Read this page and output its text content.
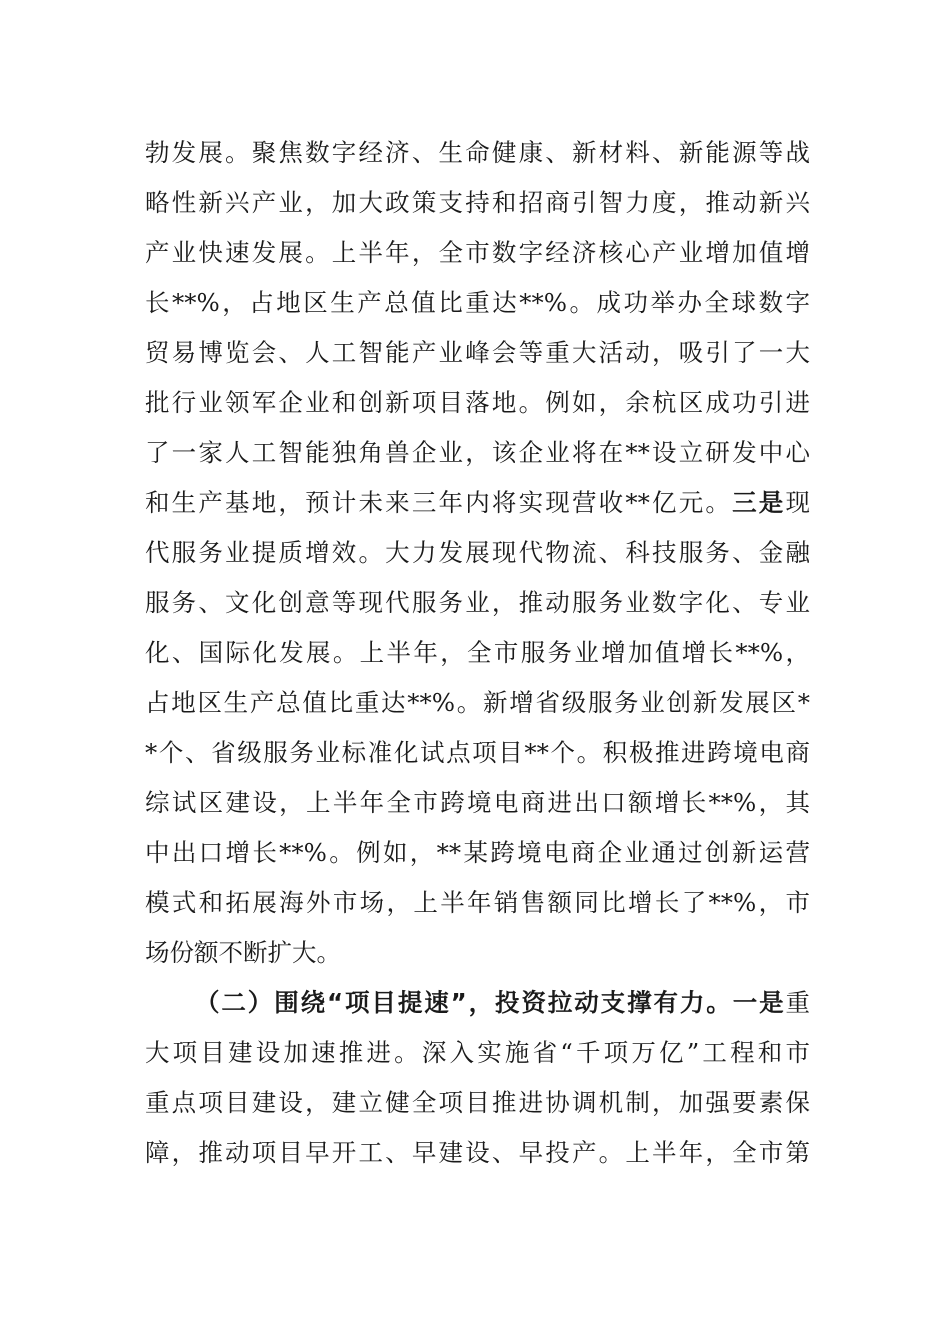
勃发展。聚焦数字经济、生命健康、新材料、新能源等战
略性新兴产业，加大政策支持和招商引智力度，推动新兴
产业快速发展。上半年，全市数字经济核心产业增加值增
长**%，占地区生产总值比重达**%。成功举办全球数字
贸易博览会、人工智能产业峰会等重大活动，吸引了一大
批行业领军企业和创新项目落地。例如，余杭区成功引进
了一家人工智能独角兽企业，该企业将在**设立研发中心
和生产基地，预计未来三年内将实现营收**亿元。三是现
代服务业提质增效。大力发展现代物流、科技服务、金融
服务、文化创意等现代服务业，推动服务业数字化、专业
化、国际化发展。上半年，全市服务业增加值增长**%，
占地区生产总值比重达**%。新增省级服务业创新发展区*
*个、省级服务业标准化试点项目**个。积极推进跨境电商
综试区建设，上半年全市跨境电商进出口额增长**%，其
中出口增长**%。例如，**某跨境电商企业通过创新运营
模式和拓展海外市场，上半年销售额同比增长了**%，市
场份额不断扩大。
（二）围绕“项目提速”，投资拉动支撑有力。一是重
大项目建设加速推进。深入实施省“千项万亿”工程和市
重点项目建设，建立健全项目推进协调机制，加强要素保
障，推动项目早开工、早建设、早投产。上半年，全市第
